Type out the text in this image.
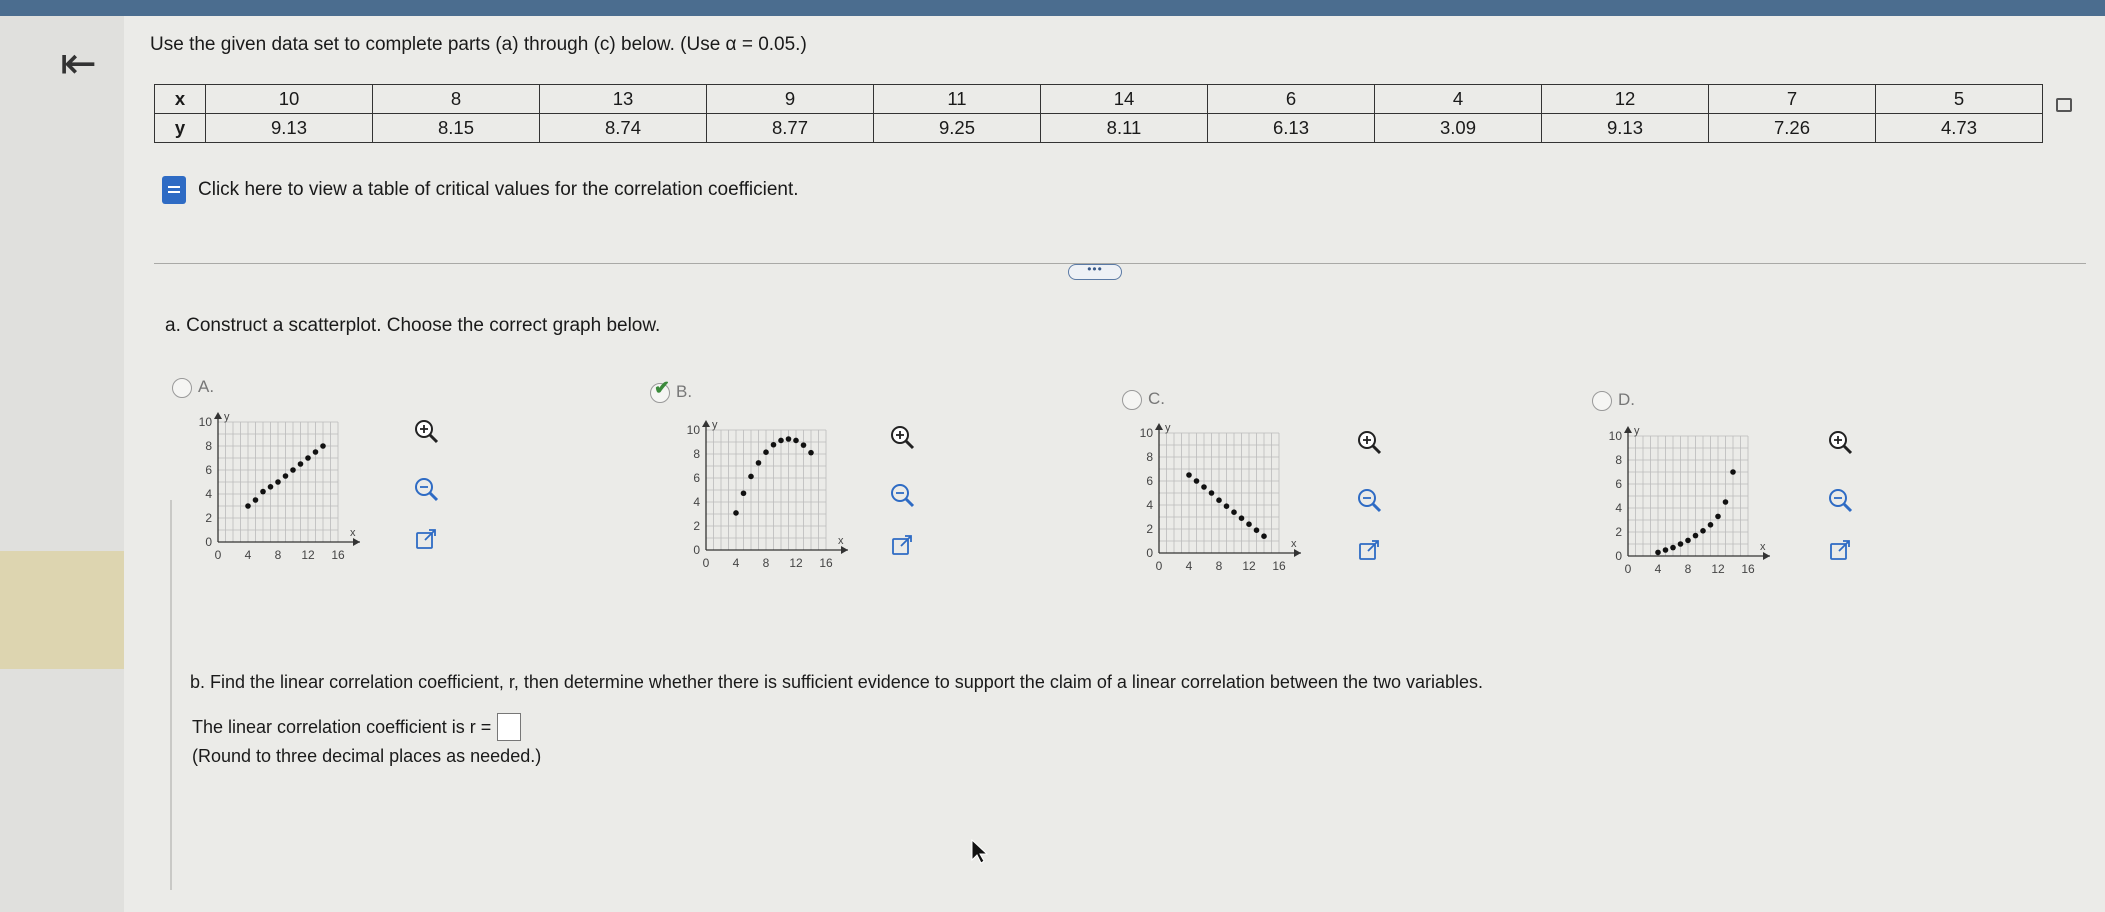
⇤	Use the given data set to complete parts (a) through (c) below. (Use α = 0.05.)
x	10	8	13	9	11	14	6	4	12	7	5
y	9.13	8.15	8.74	8.77	9.25	8.11	6.13	3.09	9.13	7.26	4.73
Click here to view a table of critical values for the correlation coefficient.
•••
a. Construct a scatterplot. Choose the correct graph below.
A.
0 4 8 12 16
0
2
4
6
8
10
x
y
✔ B.
0 4 8 12 16
0
2
4
6
8
10
x
y
C.
0 4 8 12 16
0
2
4
6
8
10
x
y
D.
0 4 8 12 16
0
2
4
6
8
10
x
y
b. Find the linear correlation coefficient, r, then determine whether there is sufficient evidence to support the claim of a linear correlation between the two variables.
The linear correlation coefficient is r =
(Round to three decimal places as needed.)
